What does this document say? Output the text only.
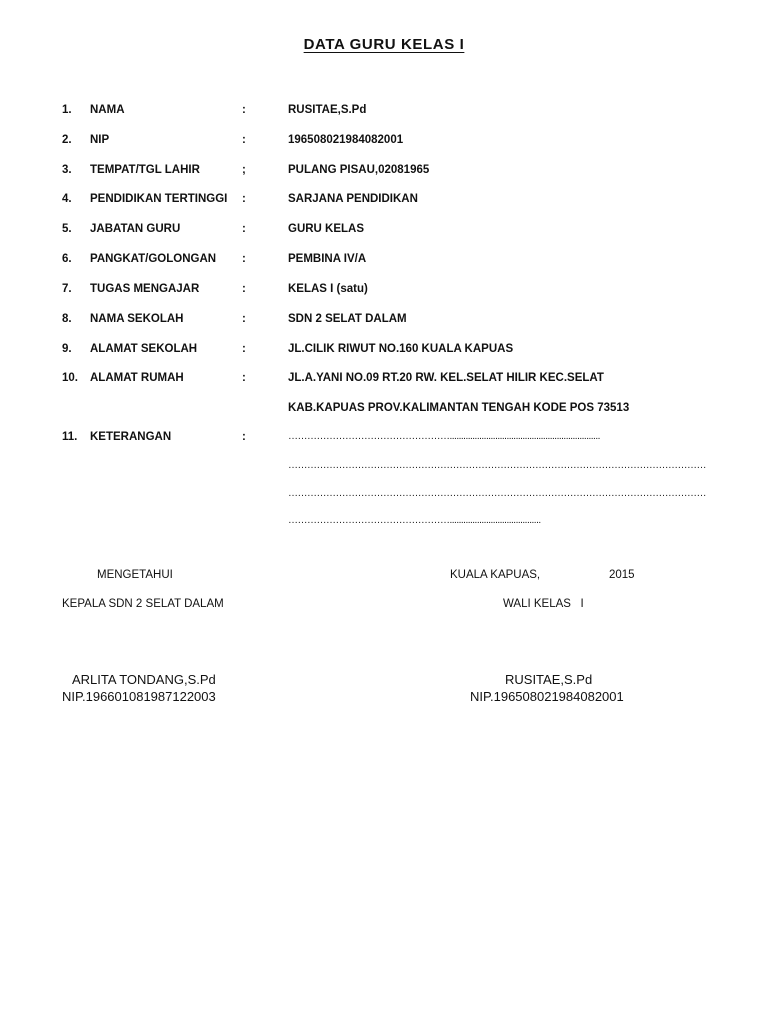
DATA GURU KELAS I
1. NAMA	:	RUSITAE,S.Pd
2. NIP	:	196508021984082001
3. TEMPAT/TGL LAHIR	;	PULANG PISAU,02081965
4. PENDIDIKAN TERTINGGI :	SARJANA PENDIDIKAN
5. JABATAN GURU	:	GURU KELAS
6. PANGKAT/GOLONGAN :	PEMBINA IV/A
7. TUGAS MENGAJAR	:	KELAS I (satu)
8. NAMA SEKOLAH	:	SDN 2 SELAT DALAM
9. ALAMAT SEKOLAH	:	JL.CILIK RIWUT NO.160 KUALA KAPUAS
10. ALAMAT RUMAH	:	JL.A.YANI NO.09 RT.20 RW. KEL.SELAT HILIR KEC.SELAT
KAB.KAPUAS PROV.KALIMANTAN TENGAH KODE POS 73513
11. KETERANGAN	:	……………………………………………..................................................................
……………………………………………………………………………………………………………………
……………………………………………………………………………………………………………………
……………………………………………........................................
MENGETAHUI	KUALA KAPUAS,	2015
KEPALA SDN 2 SELAT DALAM	WALI KELAS   I
ARLITA TONDANG,S.Pd	RUSITAE,S.Pd
NIP.196601081987122003	NIP.196508021984082001
